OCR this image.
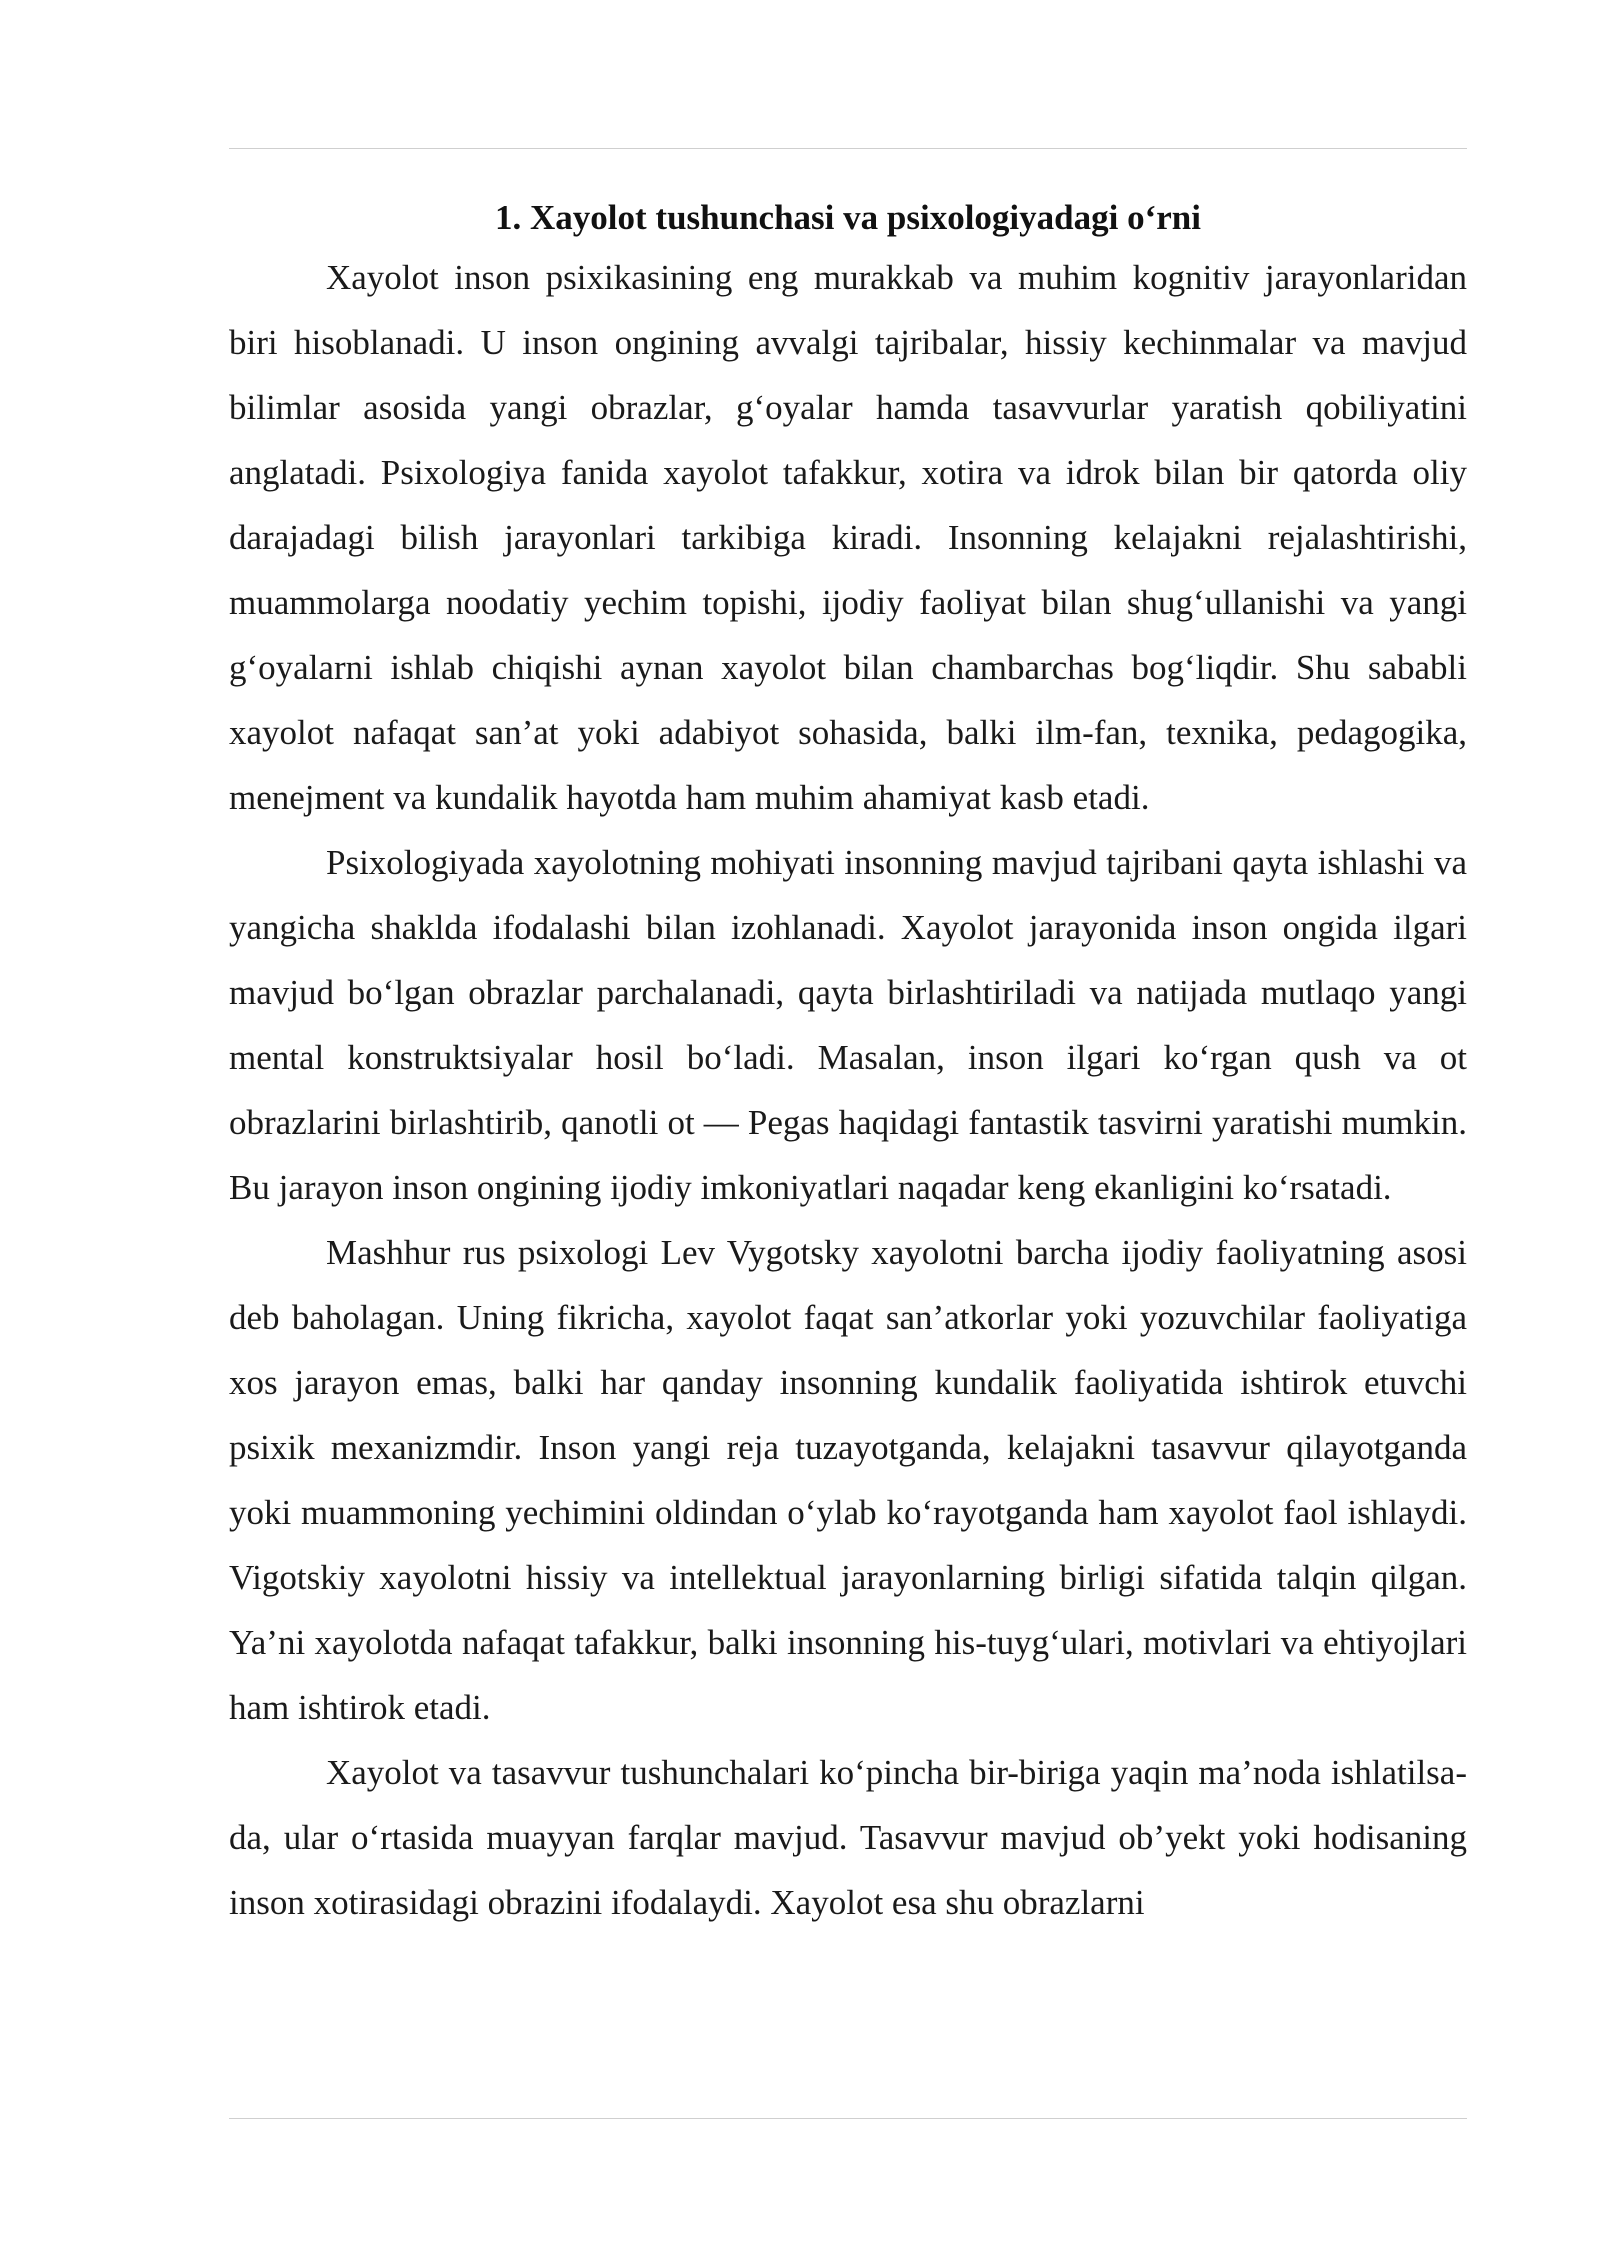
1. Xayolot tushunchasi va psixologiyadagi o‘rni

Xayolot inson psixikasining eng murakkab va muhim kognitiv jarayonlaridan biri hisoblanadi. U inson ongining avvalgi tajribalar, hissiy kechinmalar va mavjud bilimlar asosida yangi obrazlar, g‘oyalar hamda tasavvurlar yaratish qobiliyatini anglatadi. Psixologiya fanida xayolot tafakkur, xotira va idrok bilan bir qatorda oliy darajadagi bilish jarayonlari tarkibiga kiradi. Insonning kelajakni rejalashtirishi, muammolarga noodatiy yechim topishi, ijodiy faoliyat bilan shug‘ullanishi va yangi g‘oyalarni ishlab chiqishi aynan xayolot bilan chambarchas bog‘liqdir. Shu sababli xayolot nafaqat san’at yoki adabiyot sohasida, balki ilm-fan, texnika, pedagogika, menejment va kundalik hayotda ham muhim ahamiyat kasb etadi.

Psixologiyada xayolotning mohiyati insonning mavjud tajribani qayta ishlashi va yangicha shaklda ifodalashi bilan izohlanadi. Xayolot jarayonida inson ongida ilgari mavjud bo‘lgan obrazlar parchalanadi, qayta birlashtiriladi va natijada mutlaqo yangi mental konstruktsiyalar hosil bo‘ladi. Masalan, inson ilgari ko‘rgan qush va ot obrazlarini birlashtirib, qanotli ot — Pegas haqidagi fantastik tasvirni yaratishi mumkin. Bu jarayon inson ongining ijodiy imkoniyatlari naqadar keng ekanligini ko‘rsatadi.

Mashhur rus psixologi Lev Vygotsky xayolotni barcha ijodiy faoliyatning asosi deb baholagan. Uning fikricha, xayolot faqat san’atkorlar yoki yozuvchilar faoliyatiga xos jarayon emas, balki har qanday insonning kundalik faoliyatida ishtirok etuvchi psixik mexanizmdir. Inson yangi reja tuzayotganda, kelajakni tasavvur qilayotganda yoki muammoning yechimini oldindan o‘ylab ko‘rayotganda ham xayolot faol ishlaydi. Vigotskiy xayolotni hissiy va intellektual jarayonlarning birligi sifatida talqin qilgan. Ya’ni xayolotda nafaqat tafakkur, balki insonning his-tuyg‘ulari, motivlari va ehtiyojlari ham ishtirok etadi.

Xayolot va tasavvur tushunchalari ko‘pincha bir-biriga yaqin ma’noda ishlatilsa-da, ular o‘rtasida muayyan farqlar mavjud. Tasavvur mavjud ob’yekt yoki hodisaning inson xotirasidagi obrazini ifodalaydi. Xayolot esa shu obrazlarni
